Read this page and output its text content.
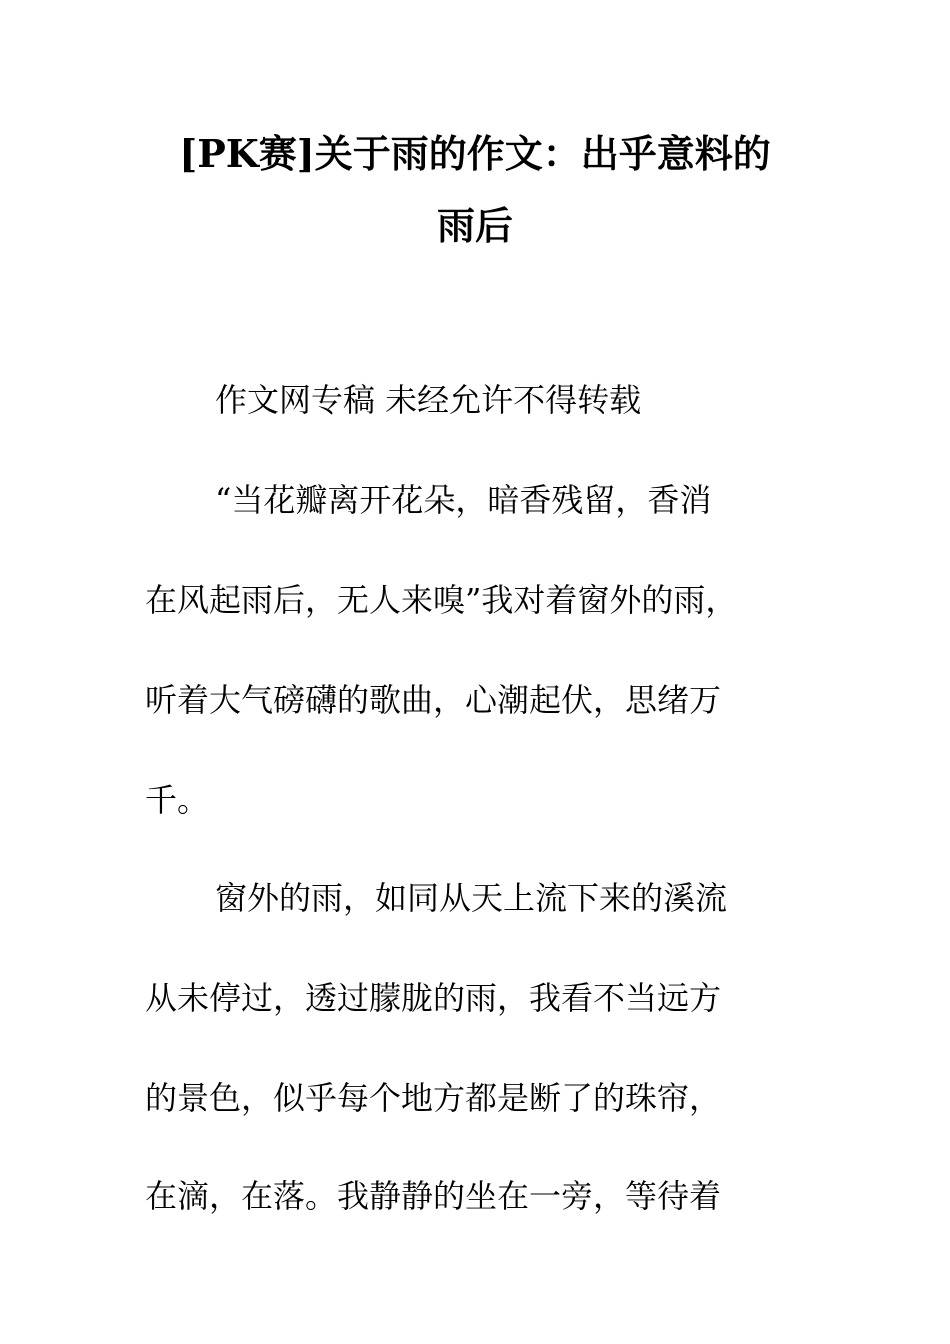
[PK赛]关于雨的作文：出乎意料的
雨后

作文网专稿 未经允许不得转载

“当花瓣离开花朵，暗香残留，香消

在风起雨后，无人来嗅”我对着窗外的雨，

听着大气磅礴的歌曲，心潮起伏，思绪万

千。

窗外的雨，如同从天上流下来的溪流

从未停过，透过朦胧的雨，我看不当远方

的景色，似乎每个地方都是断了的珠帘，

在滴，在落。我静静的坐在一旁，等待着
